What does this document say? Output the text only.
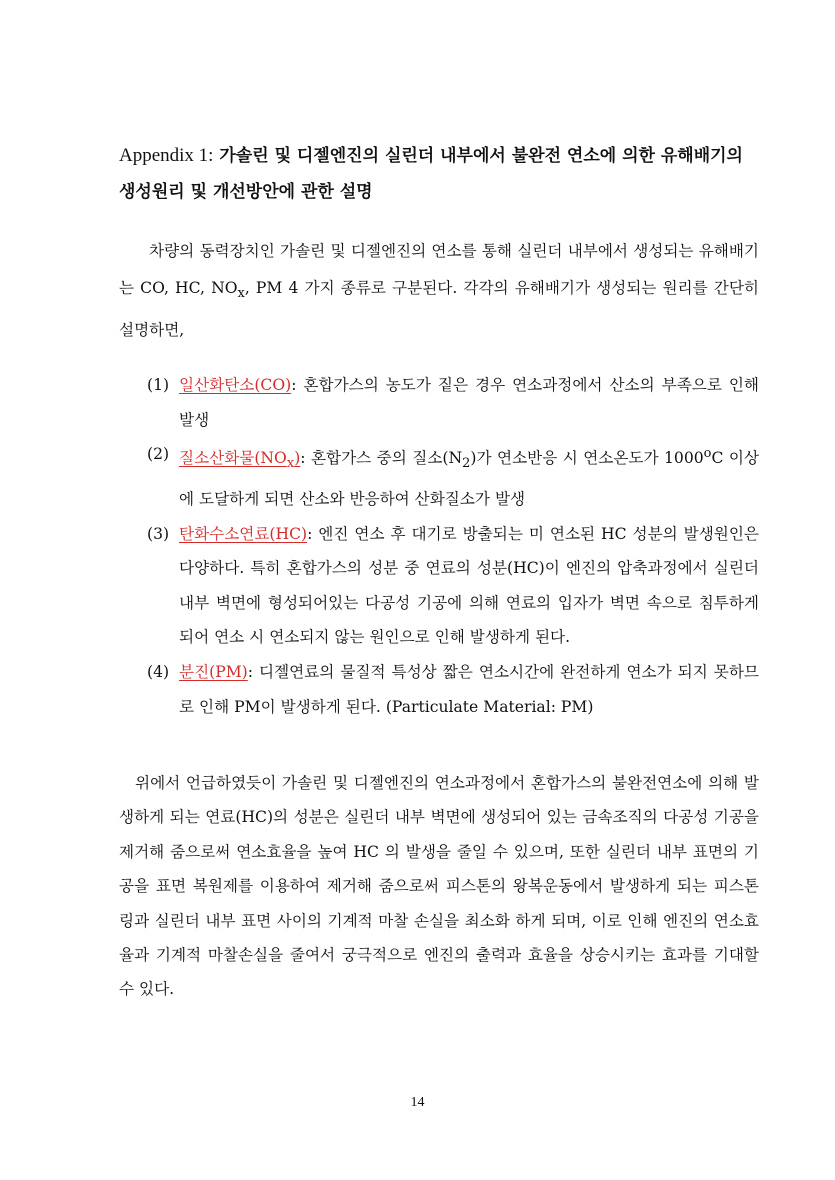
Appendix 1: 가솔린 및 디젤엔진의 실린더 내부에서 불완전 연소에 의한 유해배기의 생성원리 및 개선방안에 관한 설명

차량의 동력장치인 가솔린 및 디젤엔진의 연소를 통해 실린더 내부에서 생성되는 유해배기는 CO, HC, $NO_x$, PM 4 가지 종류로 구분된다. 각각의 유해배기가 생성되는 원리를 간단히 설명하면,

(1) 일산화탄소(CO): 혼합가스의 농도가 짙은 경우 연소과정에서 산소의 부족으로 인해 발생
(2) 질소산화물$(NO_x)$: 혼합가스 중의 질소$(N_2)$가 연소반응 시 연소온도가 1000$^o$C 이상에 도달하게 되면 산소와 반응하여 산화질소가 발생
(3) 탄화수소연료(HC): 엔진 연소 후 대기로 방출되는 미 연소된 HC 성분의 발생원인은 다양하다. 특히 혼합가스의 성분 중 연료의 성분(HC)이 엔진의 압축과정에서 실린더 내부 벽면에 형성되어있는 다공성 기공에 의해 연료의 입자가 벽면 속으로 침투하게 되어 연소 시 연소되지 않는 원인으로 인해 발생하게 된다.
(4) 분진(PM): 디젤연료의 물질적 특성상 짧은 연소시간에 완전하게 연소가 되지 못하므로 인해 PM이 발생하게 된다. (Particulate Material: PM)

위에서 언급하였듯이 가솔린 및 디젤엔진의 연소과정에서 혼합가스의 불완전연소에 의해 발생하게 되는 연료(HC)의 성분은 실린더 내부 벽면에 생성되어 있는 금속조직의 다공성 기공을 제거해 줌으로써 연소효율을 높여 HC 의 발생을 줄일 수 있으며, 또한 실린더 내부 표면의 기공을 표면 복원제를 이용하여 제거해 줌으로써 피스톤의 왕복운동에서 발생하게 되는 피스톤 링과 실린더 내부 표면 사이의 기계적 마찰 손실을 최소화 하게 되며, 이로 인해 엔진의 연소효율과 기계적 마찰손실을 줄여서 궁극적으로 엔진의 출력과 효율을 상승시키는 효과를 기대할 수 있다.

14
